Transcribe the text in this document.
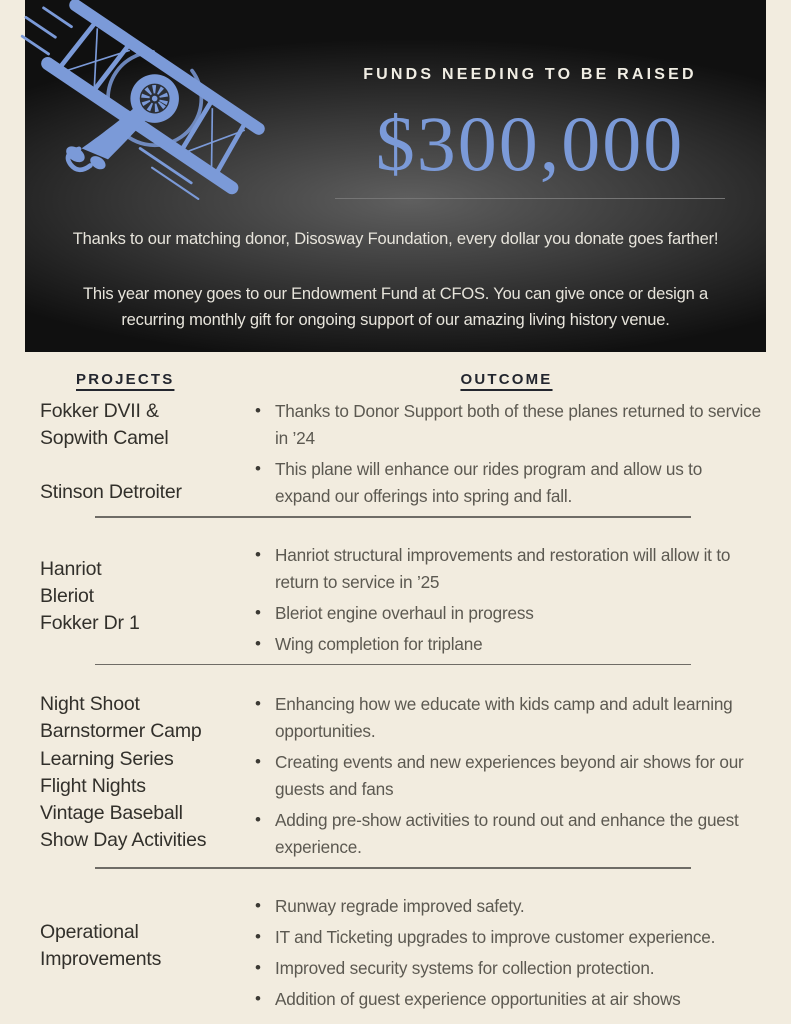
FUNDS NEEDING TO BE RAISED
$300,000
Thanks to our matching donor, Disosway Foundation, every dollar you donate goes farther!
This year money goes to our Endowment Fund at CFOS. You can give once or design a recurring monthly gift for ongoing support of our amazing living history venue.
PROJECTS	OUTCOME
Fokker DVII &
Sopwith Camel
Stinson Detroiter
• Thanks to Donor Support both of these planes returned to service in ’24
• This plane will enhance our rides program and allow us to expand our offerings into spring and fall.
Hanriot
Bleriot
Fokker Dr 1
• Hanriot structural improvements and restoration will allow it to return to service in ’25
• Bleriot engine overhaul in progress
• Wing completion for triplane
Night Shoot
Barnstormer Camp
Learning Series
Flight Nights
Vintage Baseball
Show Day Activities
• Enhancing how we educate with kids camp and adult learning opportunities.
• Creating events and new experiences beyond air shows for our guests and fans
• Adding pre-show activities to round out and enhance the guest experience.
Operational
Improvements
• Runway regrade improved safety.
• IT and Ticketing upgrades to improve customer experience.
• Improved security systems for collection protection.
• Addition of guest experience opportunities at air shows
